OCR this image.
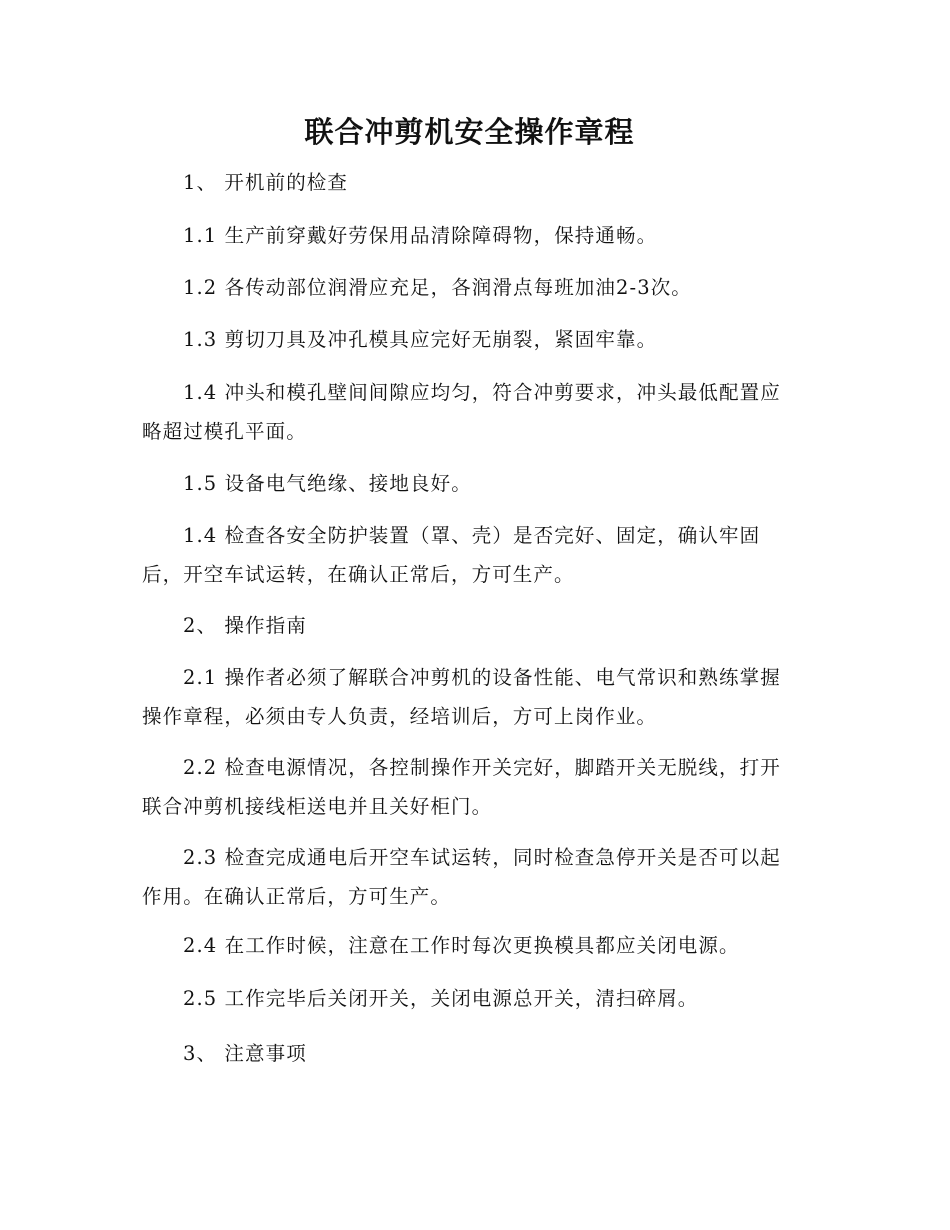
联合冲剪机安全操作章程

1、 开机前的检查

1.1 生产前穿戴好劳保用品清除障碍物，保持通畅。

1.2 各传动部位润滑应充足，各润滑点每班加油2-3次。

1.3 剪切刀具及冲孔模具应完好无崩裂，紧固牢靠。

1.4 冲头和模孔壁间间隙应均匀，符合冲剪要求，冲头最低配置应略超过模孔平面。

1.5 设备电气绝缘、接地良好。

1.4 检查各安全防护装置（罩、壳）是否完好、固定，确认牢固后，开空车试运转，在确认正常后，方可生产。

2、 操作指南

2.1 操作者必须了解联合冲剪机的设备性能、电气常识和熟练掌握操作章程，必须由专人负责，经培训后，方可上岗作业。

2.2 检查电源情况，各控制操作开关完好，脚踏开关无脱线，打开联合冲剪机接线柜送电并且关好柜门。

2.3 检查完成通电后开空车试运转，同时检查急停开关是否可以起作用。在确认正常后，方可生产。

2.4 在工作时候，注意在工作时每次更换模具都应关闭电源。

2.5 工作完毕后关闭开关，关闭电源总开关，清扫碎屑。

3、 注意事项
